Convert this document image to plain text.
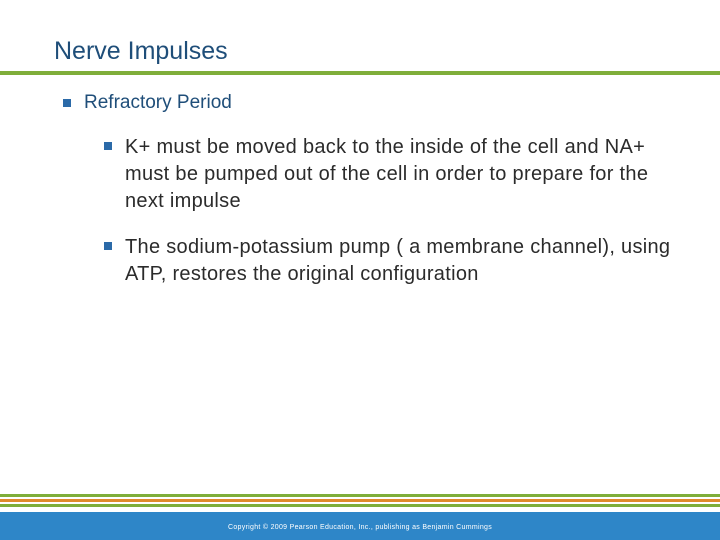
Nerve Impulses
Refractory Period
K+ must be moved back to the inside of the cell and NA+ must be pumped out of the cell in order to prepare for the next impulse
The sodium-potassium pump ( a membrane channel), using ATP, restores the original configuration
Copyright © 2009 Pearson Education, Inc., publishing as Benjamin Cummings
